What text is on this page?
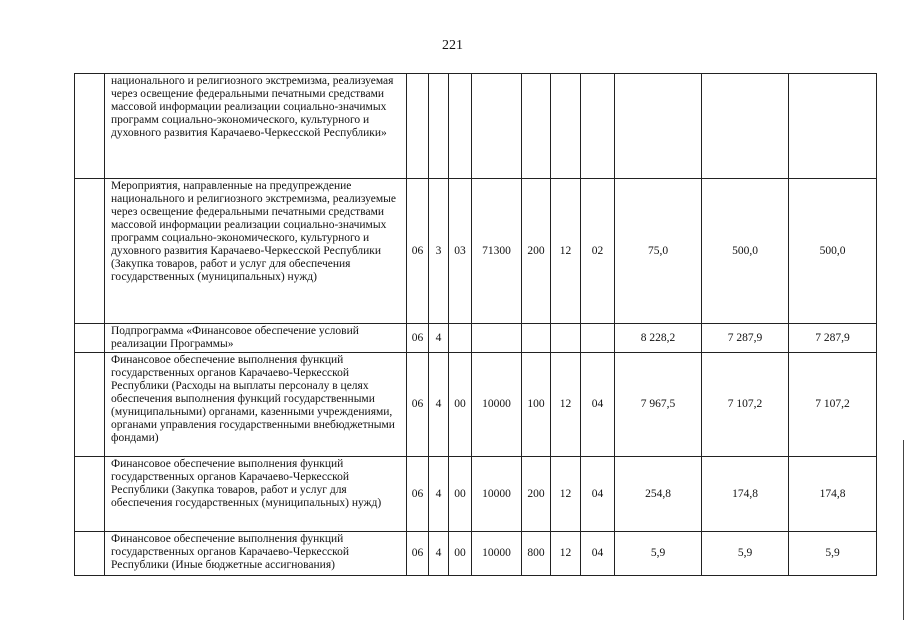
221
	национального и религиозного экстремизма, реализуемая через освещение федеральными печатными средствами массовой информации реализации социально-значимых программ социально-экономического, культурного и духовного развития Карачаево-Черкесской Республики»										
	Мероприятия, направленные на предупреждение национального и религиозного экстремизма, реализуемые через освещение федеральными печатными средствами массовой информации реализации социально-значимых программ социально-экономического, культурного и духовного развития Карачаево-Черкесской Республики (Закупка товаров, работ и услуг для обеспечения государственных (муниципальных) нужд)	06	3	03	71300	200	12	02	75,0	500,0	500,0
	Подпрограмма «Финансовое обеспечение условий реализации Программы»	06	4						8 228,2	7 287,9	7 287,9
	Финансовое обеспечение выполнения функций государственных органов Карачаево-Черкесской Республики (Расходы на выплаты персоналу в целях обеспечения выполнения функций государственными (муниципальными) органами, казенными учреждениями, органами управления государственными внебюджетными фондами)	06	4	00	10000	100	12	04	7 967,5	7 107,2	7 107,2
	Финансовое обеспечение выполнения функций государственных органов Карачаево-Черкесской Республики (Закупка товаров, работ и услуг для обеспечения государственных (муниципальных) нужд)	06	4	00	10000	200	12	04	254,8	174,8	174,8
	Финансовое обеспечение выполнения функций государственных органов Карачаево-Черкесской Республики (Иные бюджетные ассигнования)	06	4	00	10000	800	12	04	5,9	5,9	5,9
